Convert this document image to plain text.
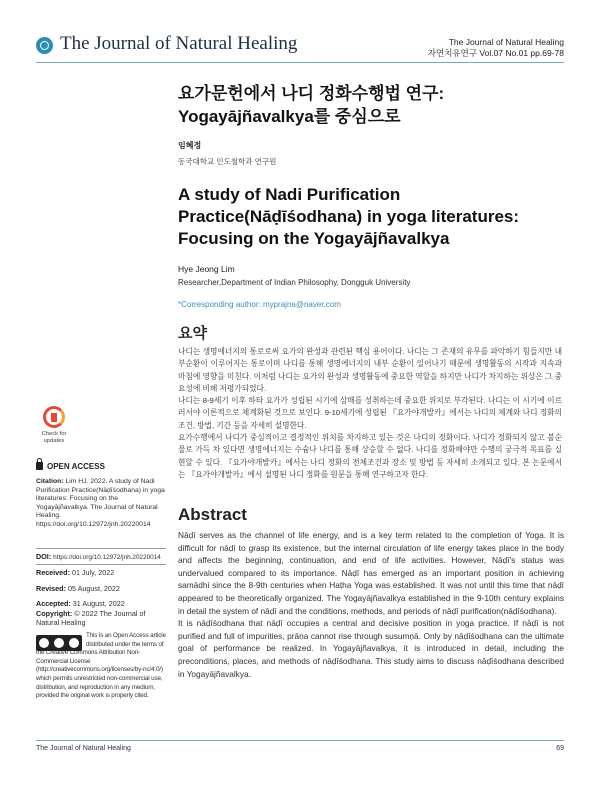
The Journal of Natural Healing	The Journal of Natural Healing
자연치유연구 Vol.07 No.01 pp.69-78
요가문헌에서 나디 정화수행법 연구:
Yogayājñavalkya를 중심으로
임혜정
동국대학교 인도철학과 연구원
A study of Nadi Purification
Practice(Nāḍīśodhana) in yoga literatures:
Focusing on the Yogayājñavalkya
Hye Jeong Lim
Researcher,Department of Indian Philosophy, Dongguk University
*Corresponding author: myprajna@naver.com
요약

나디는 생명에너지의 통로로써 요가의 완성과 관련된 핵심 용어이다. 나디는 그 존재의 유무를 파악하기 힘들지만 내부순환이 이루어지는 통로이며 나디를 통해 생명에너지의 내부 순환이 일어나기 때문에 생명활동의 시작과 지속과 마침에 영향을 미친다. 이처럼 나디는 요가의 완성과 생명활동에 중요한 역할을 하지만 나디가 차지하는 위상은 그 중요성에 비해 저평가되었다.

나디는 8-9세기 이후 하타 요가가 성립된 시기에 삼매를 성취하는데 중요한 위치로 부각된다. 나디는 이 시기에 이르러서야 이론적으로 체계화된 것으로 보인다. 9-10세기에 성립된 『요가야개발카』에서는 나디의 체계와 나디 정화의 조건, 방법, 기간 등을 자세히 설명한다.

요가수행에서 나디가 중심적이고 결정적인 위치를 차지하고 있는 것은 나디의 정화이다. 나디가 정화되지 않고 불순물로 가득 차 있다면 생명에너지는 수슘나 나디를 통해 상승할 수 없다. 나디를 정화해야만 수행의 궁극적 목표를 실현할 수 있다. 『요가야개발카』에서는 나디 정화의 전체조건과 장소 및 방법 등 자세히 소개되고 있다. 본 논문에서는 『요가야개발카』에서 설명된 나디 정화를 원문을 통해 연구하고자 한다.

Abstract

Nāḍī serves as the channel of life energy, and is a key term related to the completion of Yoga. It is difficult for nāḍī to grasp its existence, but the internal circulation of life energy takes place in the body and affects the beginning, continuation, and end of life activities. However, Nāḍī's status was undervalued compared to its importance. Nāḍī has emerged as an important position in achieving samādhi since the 8-9th centuries when Haṭha Yoga was established. It was not until this time that nāḍī appeared to be theoretically organized. The Yogayājñavalkya established in the 9-10th century explains in detail the system of nāḍī and the conditions, methods, and periods of nāḍī purification(nāḍīśodhana).

It is nāḍīśodhana that nāḍī occupies a central and decisive position in yoga practice. If nāḍī is not purified and full of impurities, prāṇa cannot rise through susumņā. Only by nāḍīśodhana can the ultimate goal of performance be realized. In Yogayājñavalkya, it is introduced in detail, including the preconditions, places, and methods of nāḍīśodhana. This study aims to discuss nāḍīśodhana described in Yogayājñavalkya.

Check for
updates
OPEN ACCESS
Citation: Lim HJ. 2022. A study of Nadi Purification Practice(Nāḍīśodhana) in yoga literatures: Focusing on the Yogayājñavalkya. The Journal of Natural Healing. https://doi.org/10.12972/jnh.20220014
DOI: https://doi.org/10.12972/jnh.20220014
Received: 01 July, 2022
Revised: 05 August, 2022
Accepted: 31 August, 2022
Copyright: © 2022 The Journal of Natural Healing
This is an Open Access article distributed under the terms of
the Creative Commons Attribution Non-Commercial License (http://creativecommons.org/licenses/by-nc/4.0/) which permits unrestricted non-commercial use, distribution, and reproduction in any medium, provided the original work is properly cited.
The Journal of Natural Healing	69
